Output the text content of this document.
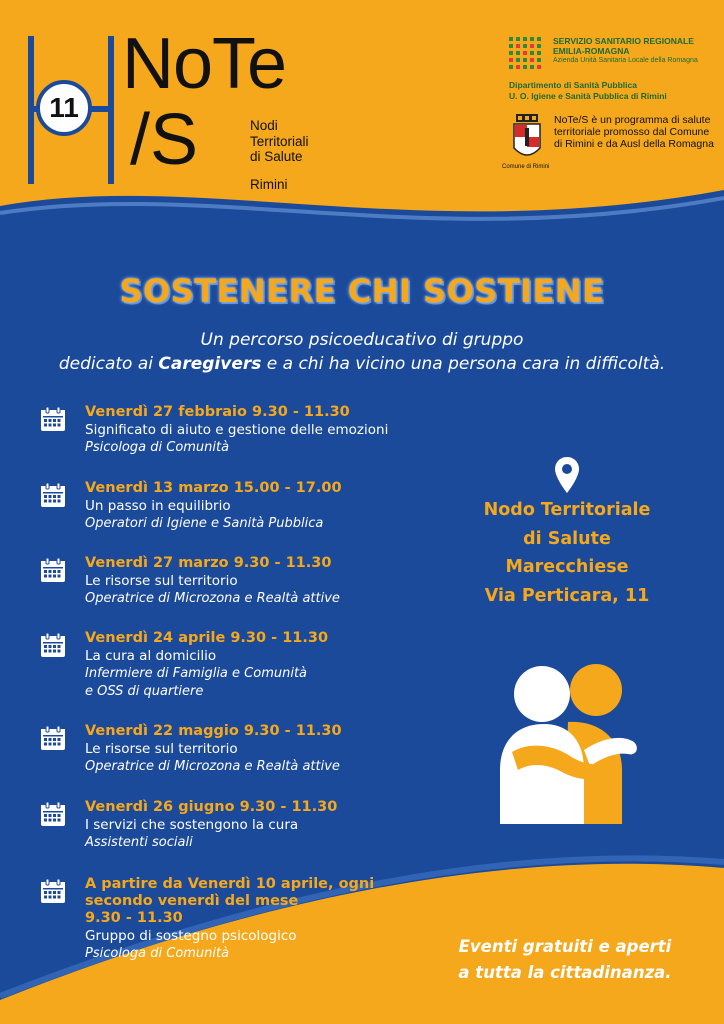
11
NoTe
/S	Nodi
Territoriali
di Salute
Rimini
SERVIZIO SANITARIO REGIONALE
EMILIA-ROMAGNA
Azienda Unità Sanitaria Locale della Romagna
Dipartimento di Sanità Pubblica
U. O. Igiene e Sanità Pubblica di Rimini
Comune di Rimini
NoTe/S è un programma di salute territoriale promosso dal Comune di Rimini e da Ausl della Romagna
SOSTENERE CHI SOSTIENE
Un percorso psicoeducativo di gruppo
dedicato ai Caregivers e a chi ha vicino una persona cara in difficoltà.
Venerdì 27 febbraio 9.30 - 11.30
Significato di aiuto e gestione delle emozioni
Psicologa di Comunità
Venerdì 13 marzo 15.00 - 17.00
Un passo in equilibrio
Operatori di Igiene e Sanità Pubblica
Venerdì 27 marzo 9.30 - 11.30
Le risorse sul territorio
Operatrice di Microzona e Realtà attive
Venerdì 24 aprile 9.30 - 11.30
La cura al domicilio
Infermiere di Famiglia e Comunità
e OSS di quartiere
Venerdì 22 maggio 9.30 - 11.30
Le risorse sul territorio
Operatrice di Microzona e Realtà attive
Venerdì 26 giugno 9.30 - 11.30
I servizi che sostengono la cura
Assistenti sociali
A partire da Venerdì 10 aprile, ogni
secondo venerdì del mese
9.30 - 11.30
Gruppo di sostegno psicologico
Psicologa di Comunità
Nodo Territoriale
di Salute
Marecchiese
Via Perticara, 11
Eventi gratuiti e aperti
a tutta la cittadinanza.
